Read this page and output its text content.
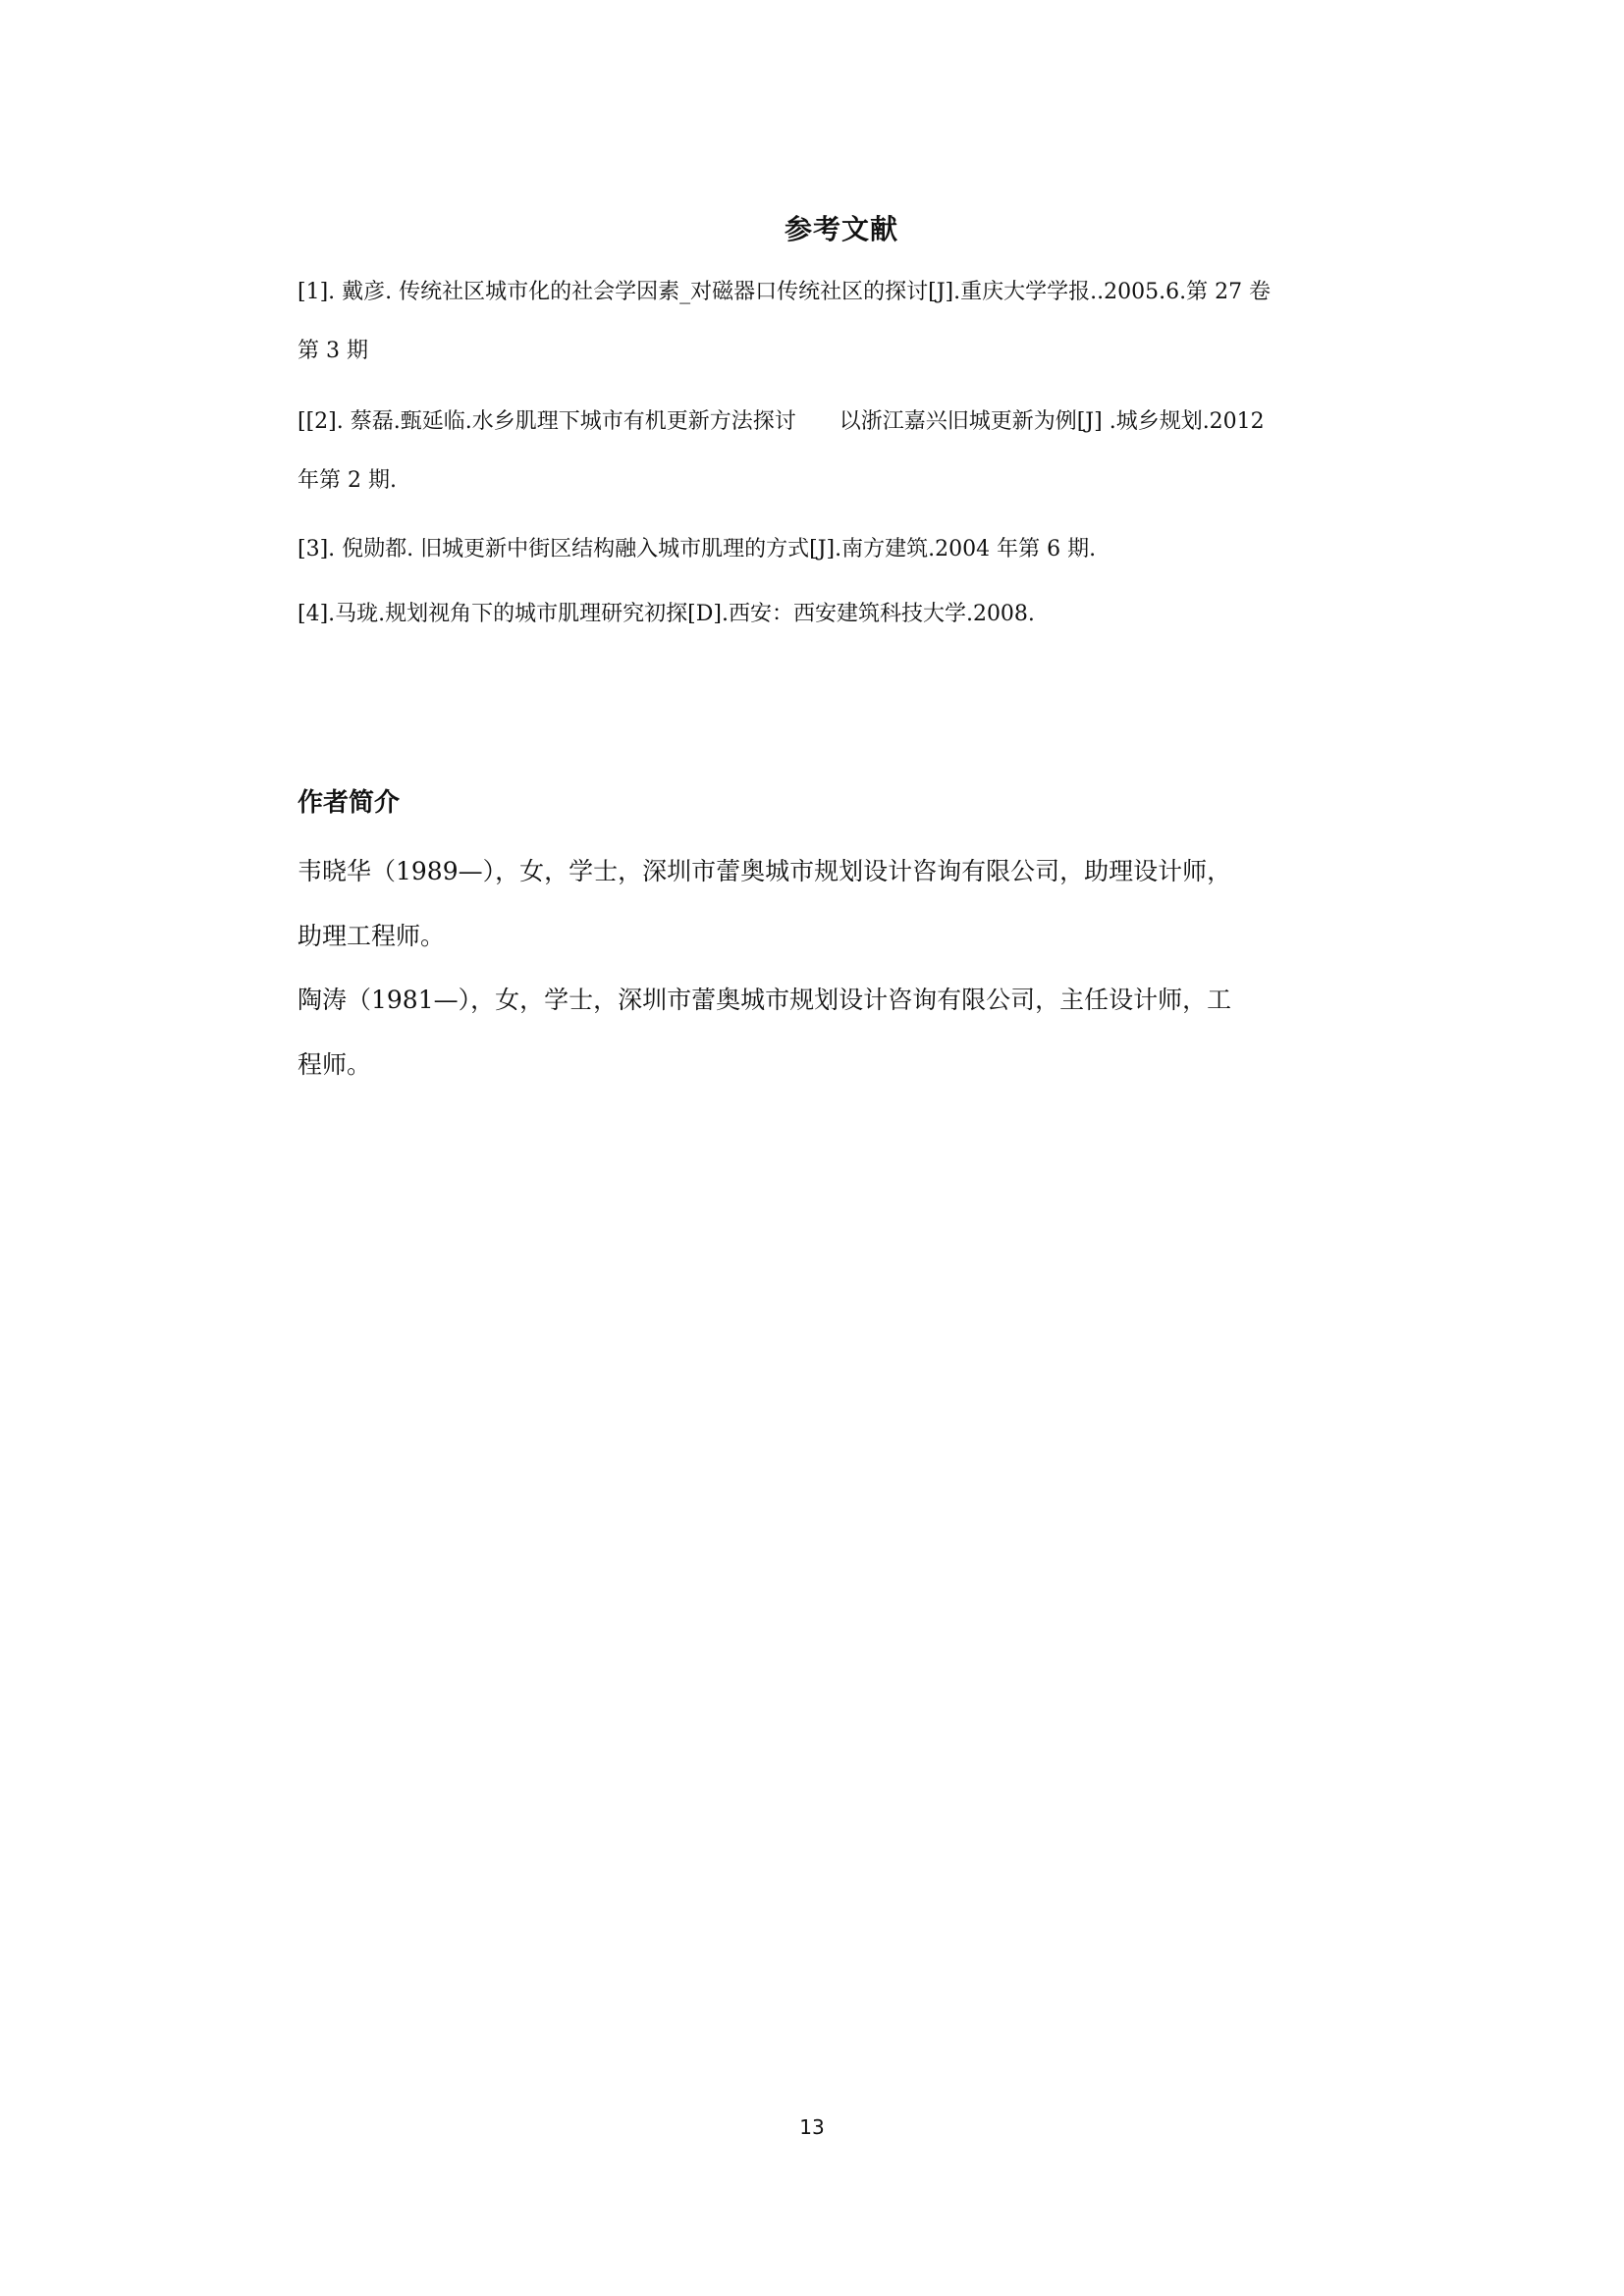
参考文献
[1]. 戴彦. 传统社区城市化的社会学因素_对磁器口传统社区的探讨[J].重庆大学学报..2005.6.第 27 卷
第 3 期
[[2]. 蔡磊.甄延临.水乡肌理下城市有机更新方法探讨　　以浙江嘉兴旧城更新为例[J] .城乡规划.2012
年第 2 期.
[3]. 倪勋都. 旧城更新中街区结构融入城市肌理的方式[J].南方建筑.2004 年第 6 期.
[4].马珑.规划视角下的城市肌理研究初探[D].西安：西安建筑科技大学.2008.
作者简介
韦晓华（1989—），女，学士，深圳市蕾奥城市规划设计咨询有限公司，助理设计师，
助理工程师。
陶涛（1981—），女，学士，深圳市蕾奥城市规划设计咨询有限公司，主任设计师，工
程师。
13
